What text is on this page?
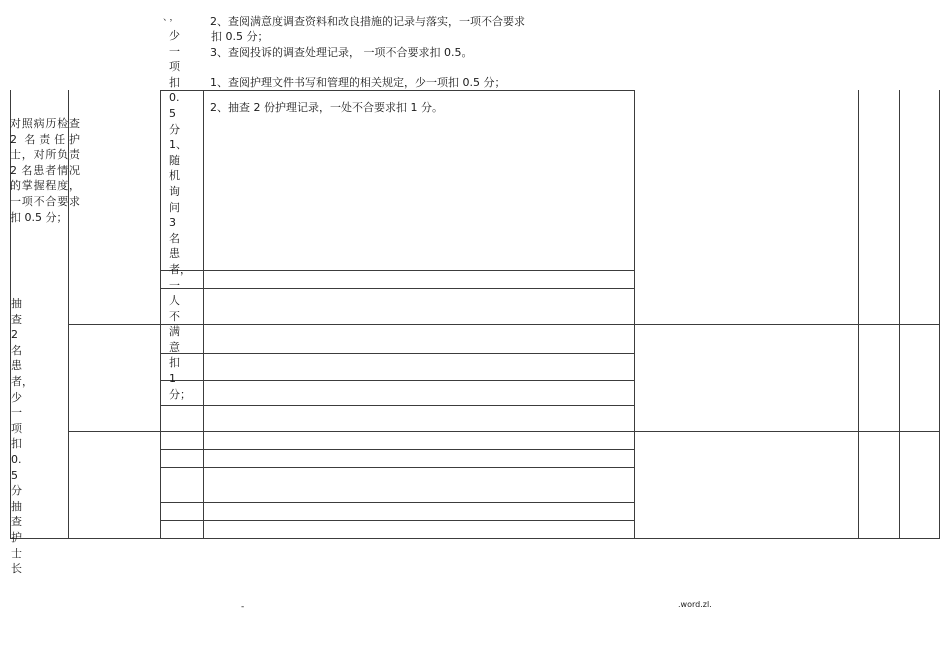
、，
少一项扣0.5分1、随机询问3名患者，一人不满意扣1分；
2、查阅满意度调查资料和改良措施的记录与落实，一项不合要求
扣 0.5 分；
3、查阅投诉的调查处理记录， 一项不合要求扣 0.5。
1、查阅护理文件书写和管理的相关规定，少一项扣 0.5 分；
2、抽查 2 份护理记录，一处不合要求扣 1 分。
对照病历检查 2 名责任护士，对所负责 2 名患者情况的掌握程度，一项不合要求扣 0.5 分；
抽查2名患者，少一项扣0.5分抽查护士长
-	.word.zl.
